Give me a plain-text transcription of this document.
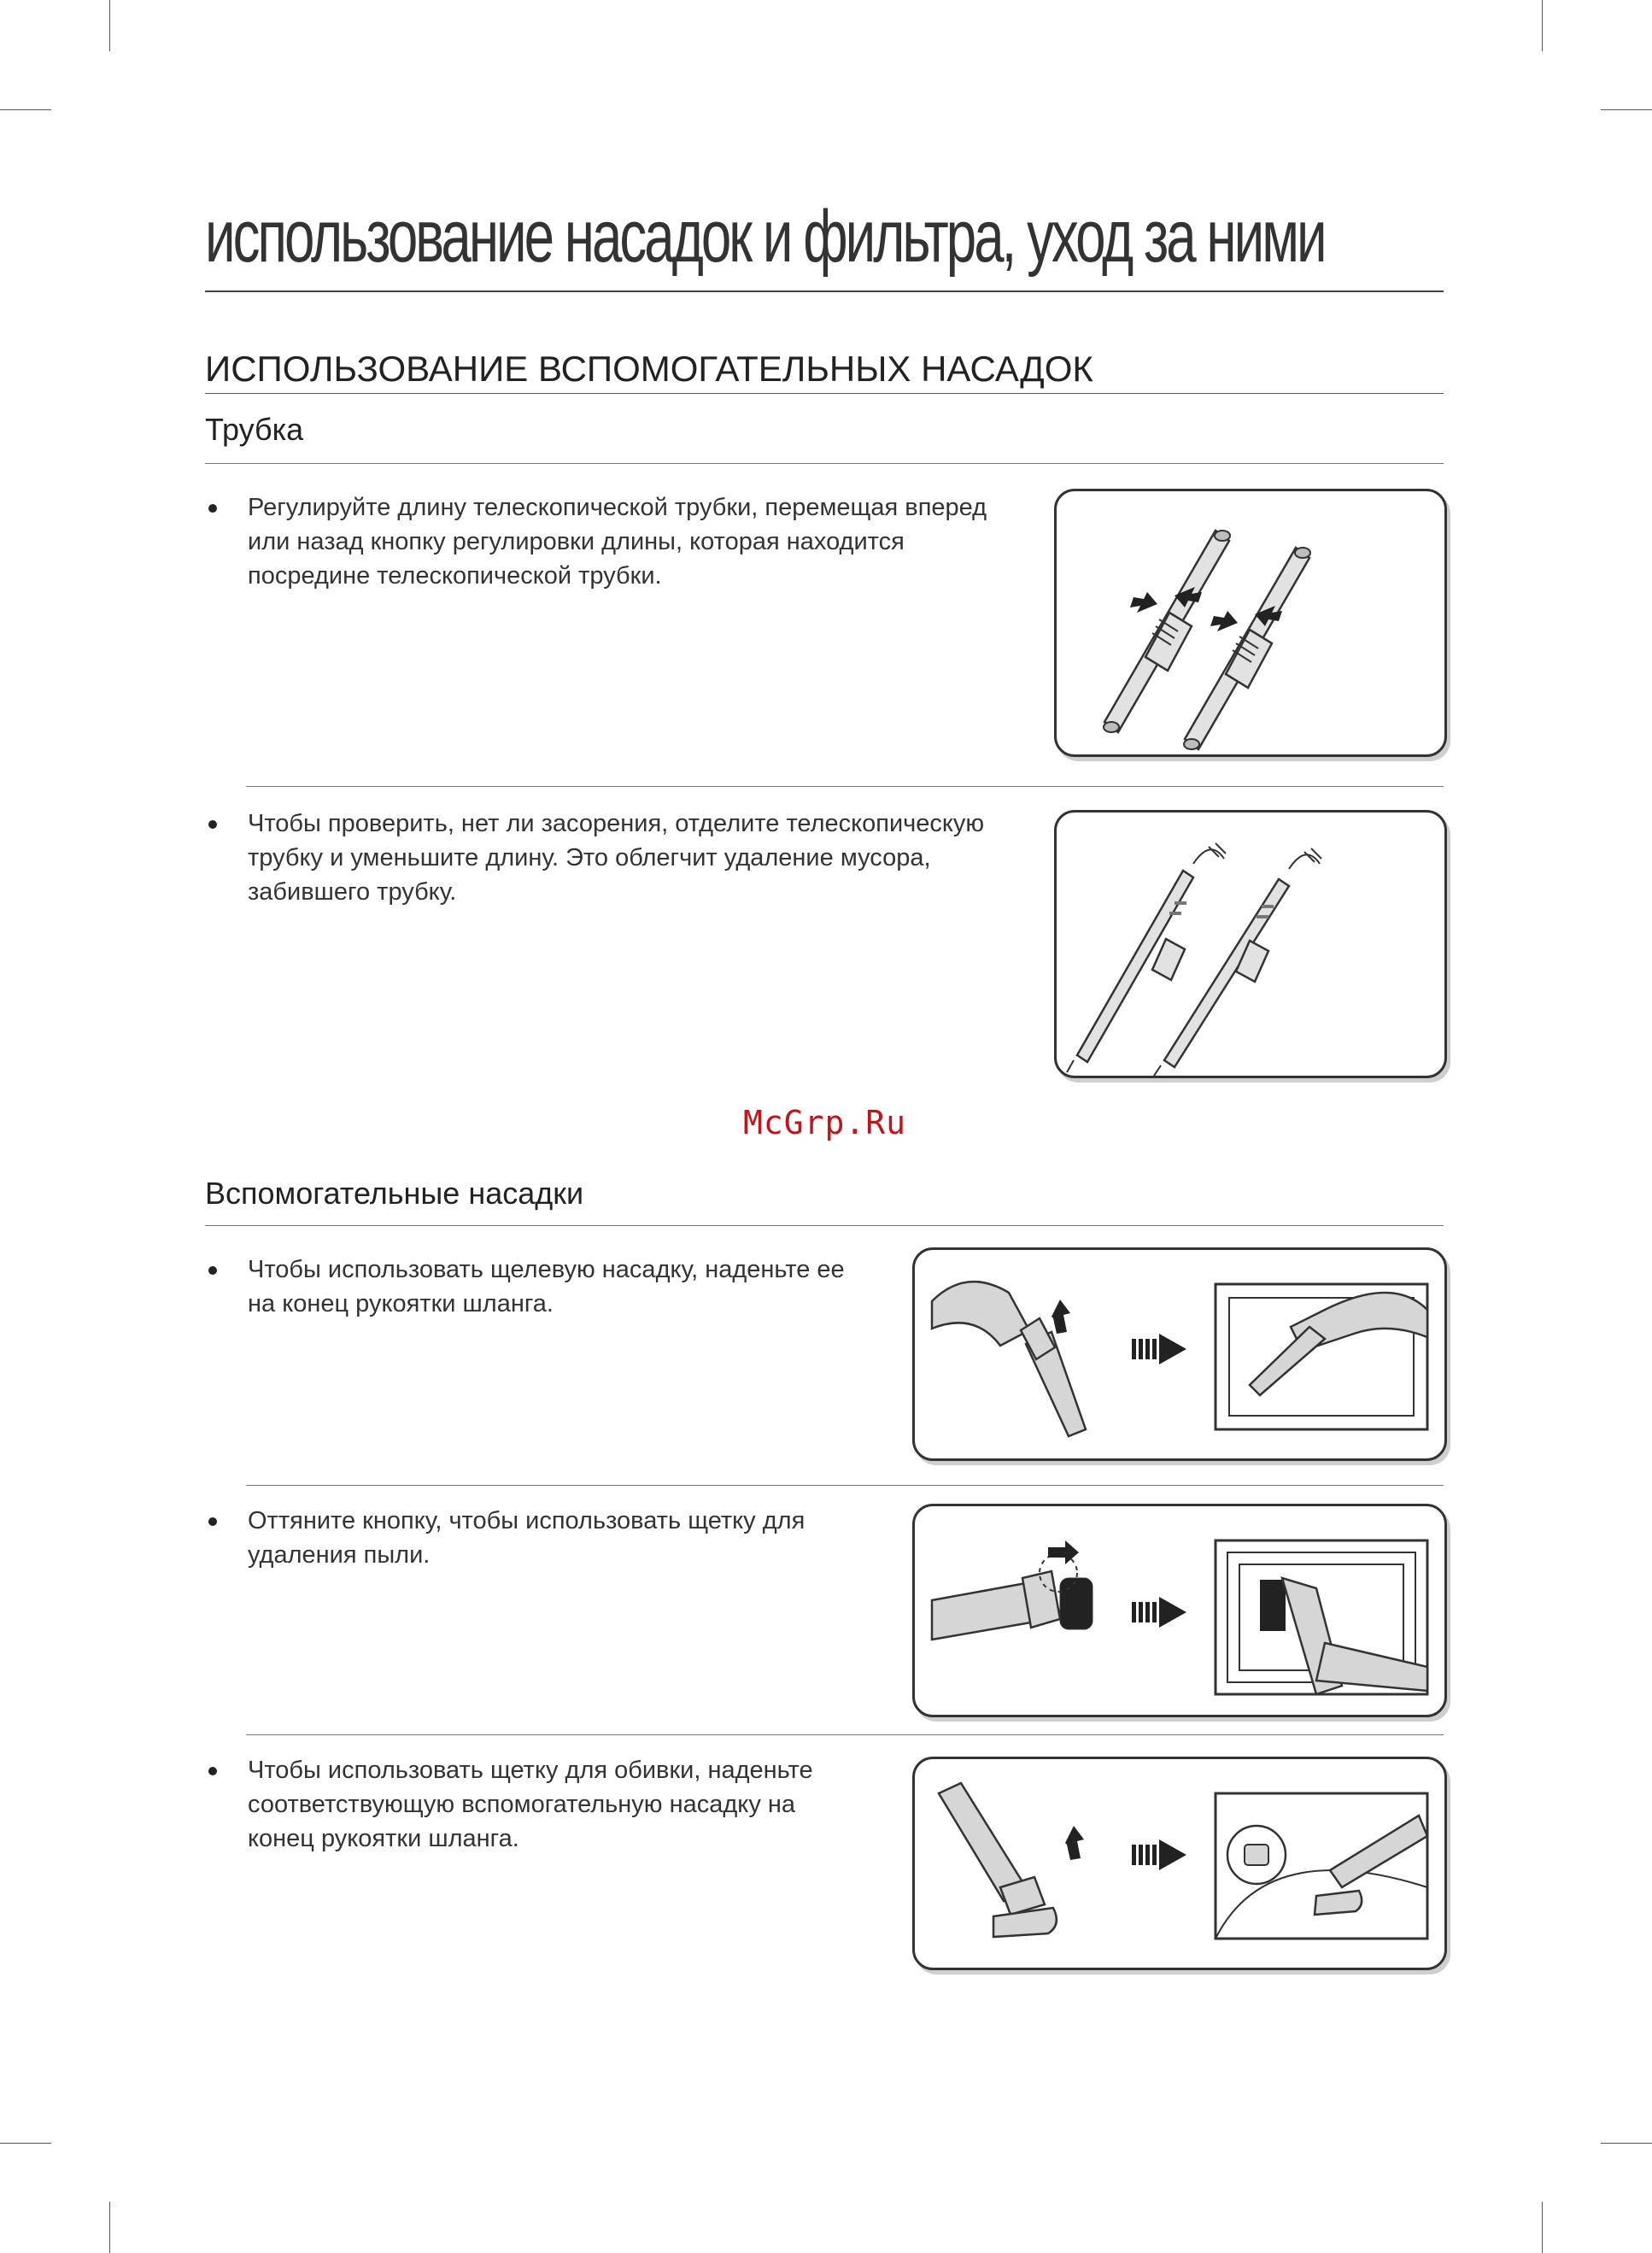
использование насадок и фильтра, уход за ними
ИСПОЛЬЗОВАНИЕ ВСПОМОГАТЕЛЬНЫХ НАСАДОК
Трубка
Регулируйте длину телескопической трубки, перемещая вперед
или назад кнопку регулировки длины, которая находится
посредине телескопической трубки.
Чтобы проверить, нет ли засорения, отделите телескопическую
трубку и уменьшите длину. Это облегчит удаление мусора,
забившего трубку.
McGrp.Ru
Вспомогательные насадки
Чтобы использовать щелевую насадку, наденьте ее
на конец рукоятки шланга.
Оттяните кнопку, чтобы использовать щетку для
удаления пыли.
Чтобы использовать щетку для обивки, наденьте
соответствующую вспомогательную насадку на
конец рукоятки шланга.
